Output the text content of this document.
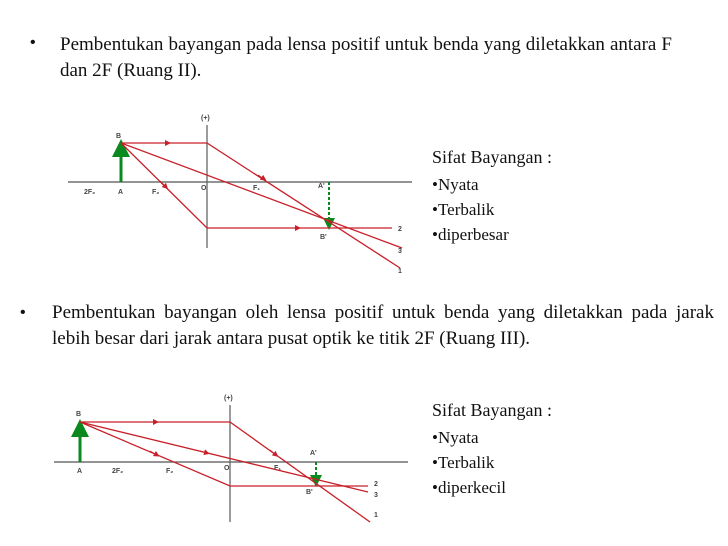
• Pembentukan bayangan pada lensa positif untuk benda yang diletakkan antara F dan 2F (Ruang II).
(+)
2F₂	A	F₂
O	F₁	A'
B
B'
2
3
1
(+)
A	2F₂	F₂	O	F₁
A'
B
B'
2
3
1
Sifat Bayangan :
•Nyata
•Terbalik
•diperbesar
• Pembentukan bayangan oleh lensa positif untuk benda yang diletakkan pada jarak lebih besar dari jarak antara pusat optik ke titik 2F (Ruang III).
Sifat Bayangan :
•Nyata
•Terbalik
•diperkecil
